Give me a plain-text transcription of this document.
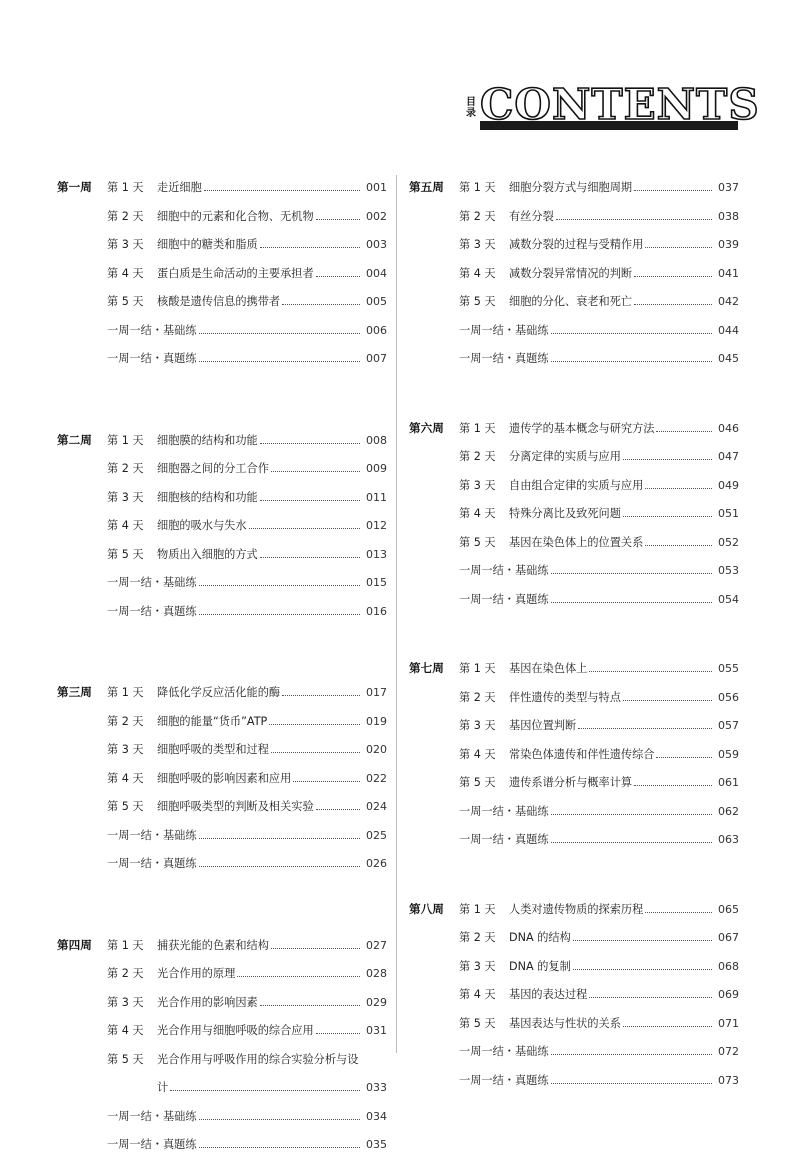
目录 CONTENTS
第一周	第 1 天	走近细胞	001
第 2 天	细胞中的元素和化合物、无机物	002
第 3 天	细胞中的糖类和脂质	003
第 4 天	蛋白质是生命活动的主要承担者	004
第 5 天	核酸是遗传信息的携带者	005
一周一结・基础练	006
一周一结・真题练	007
第二周	第 1 天	细胞膜的结构和功能	008
第 2 天	细胞器之间的分工合作	009
第 3 天	细胞核的结构和功能	011
第 4 天	细胞的吸水与失水	012
第 5 天	物质出入细胞的方式	013
一周一结・基础练	015
一周一结・真题练	016
第三周	第 1 天	降低化学反应活化能的酶	017
第 2 天	细胞的能量“货币”ATP	019
第 3 天	细胞呼吸的类型和过程	020
第 4 天	细胞呼吸的影响因素和应用	022
第 5 天	细胞呼吸类型的判断及相关实验	024
一周一结・基础练	025
一周一结・真题练	026
第四周	第 1 天	捕获光能的色素和结构	027
第 2 天	光合作用的原理	028
第 3 天	光合作用的影响因素	029
第 4 天	光合作用与细胞呼吸的综合应用	031
第 5 天	光合作用与呼吸作用的综合实验分析与设
计	033
一周一结・基础练	034
一周一结・真题练	035
第五周	第 1 天	细胞分裂方式与细胞周期	037
第 2 天	有丝分裂	038
第 3 天	减数分裂的过程与受精作用	039
第 4 天	减数分裂异常情况的判断	041
第 5 天	细胞的分化、衰老和死亡	042
一周一结・基础练	044
一周一结・真题练	045
第六周	第 1 天	遗传学的基本概念与研究方法	046
第 2 天	分离定律的实质与应用	047
第 3 天	自由组合定律的实质与应用	049
第 4 天	特殊分离比及致死问题	051
第 5 天	基因在染色体上的位置关系	052
一周一结・基础练	053
一周一结・真题练	054
第七周	第 1 天	基因在染色体上	055
第 2 天	伴性遗传的类型与特点	056
第 3 天	基因位置判断	057
第 4 天	常染色体遗传和伴性遗传综合	059
第 5 天	遗传系谱分析与概率计算	061
一周一结・基础练	062
一周一结・真题练	063
第八周	第 1 天	人类对遗传物质的探索历程	065
第 2 天	DNA 的结构	067
第 3 天	DNA 的复制	068
第 4 天	基因的表达过程	069
第 5 天	基因表达与性状的关系	071
一周一结・基础练	072
一周一结・真题练	073
